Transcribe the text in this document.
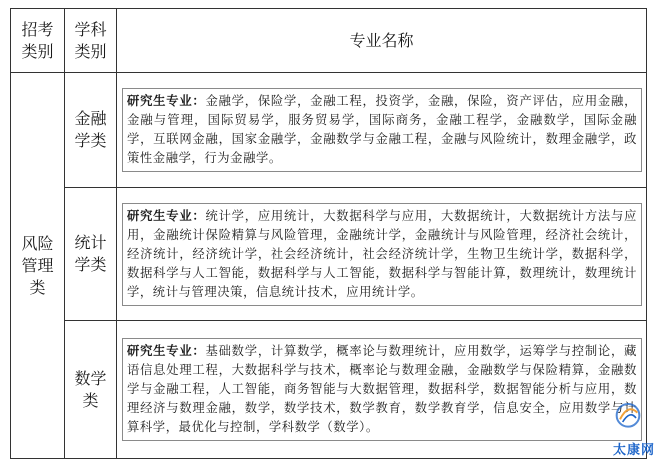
招考类别	学科类别	专业名称
风险管理类	金融学类	研究生专业：金融学，保险学，金融工程，投资学，金融，保险，资产评估，应用金融，金融与管理，国际贸易学，服务贸易学，国际商务，金融工程学，金融数学，国际金融学，互联网金融，国家金融学，金融数学与金融工程，金融与风险统计，数理金融学，政策性金融学，行为金融学。

	统计学类	研究生专业：统计学，应用统计，大数据科学与应用，大数据统计，大数据统计方法与应用，金融统计保险精算与风险管理，金融统计学，金融统计与风险管理，经济社会统计，经济统计，经济统计学，社会经济统计，社会经济统计学，生物卫生统计学，数据科学，数据科学与人工智能，数据科学与人工智能，数据科学与智能计算，数理统计，数理统计学，统计与管理决策，信息统计技术，应用统计学。

	数学类	研究生专业：基础数学，计算数学，概率论与数理统计，应用数学，运筹学与控制论，藏语信息处理工程，大数据科学与技术，概率论与数理金融，金融数学与保险精算，金融数学与金融工程，人工智能，商务智能与大数据管理，数据科学，数据智能分析与应用，数理经济与数理金融，数学，数学技术，数学教育，数学教育学，信息安全，应用数学与计算科学，最优化与控制，学科数学（数学）。
太康网
